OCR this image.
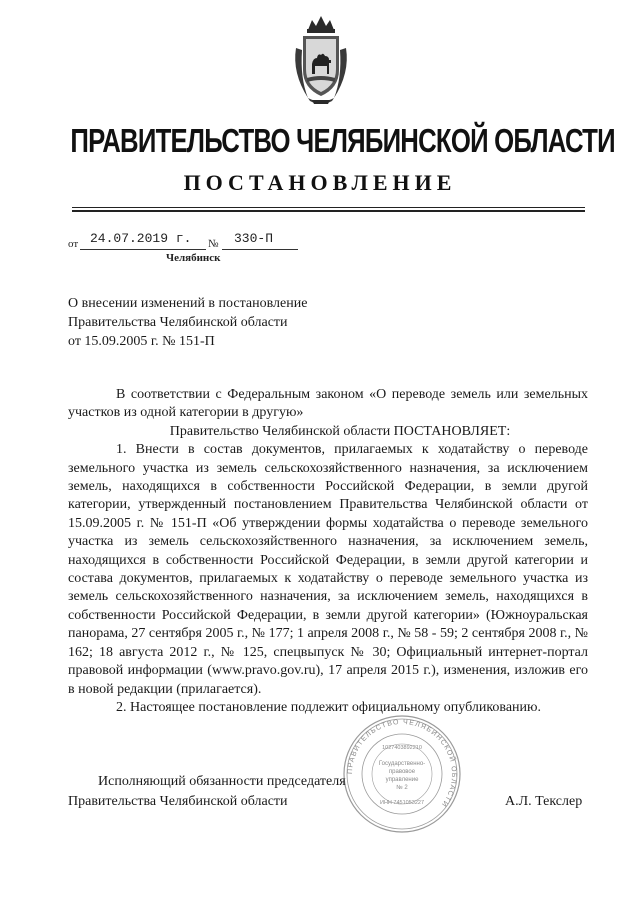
ПРАВИТЕЛЬСТВО ЧЕЛЯБИНСКОЙ ОБЛАСТИ
ПОСТАНОВЛЕНИЕ
от 24.07.2019 г. № 330-П
Челябинск
О внесении изменений в постановление
Правительства Челябинской области
от 15.09.2005 г. № 151-П

В соответствии с Федеральным законом «О переводе земель или земельных участков из одной категории в другую»

Правительство Челябинской области ПОСТАНОВЛЯЕТ:

1. Внести в состав документов, прилагаемых к ходатайству о переводе земельного участка из земель сельскохозяйственного назначения, за исключением земель, находящихся в собственности Российской Федерации, в земли другой категории, утвержденный постановлением Правительства Челябинской области от 15.09.2005 г. № 151-П «Об утверждении формы ходатайства о переводе земельного участка из земель сельскохозяйственного назначения, за исключением земель, находящихся в собственности Российской Федерации, в земли другой категории и состава документов, прилагаемых к ходатайству о переводе земельного участка из земель сельскохозяйственного назначения, за исключением земель, находящихся в собственности Российской Федерации, в земли другой категории» (Южноуральская панорама, 27 сентября 2005 г., № 177; 1 апреля 2008 г., № 58 - 59; 2 сентября 2008 г., № 162; 18 августа 2012 г., № 125, спецвыпуск № 30; Официальный интернет-портал правовой информации (www.pravo.gov.ru), 17 апреля 2015 г.), изменения, изложив его в новой редакции (прилагается).

2. Настоящее постановление подлежит официальному опубликованию.

ПРАВИТЕЛЬСТВО ЧЕЛЯБИНСКОЙ ОБЛАСТИ
1027403892210
ИНН 7451053227
Государственно-
правовое
управление
№ 2
Исполняющий обязанности председателя
Правительства Челябинской области	А.Л. Текслер
